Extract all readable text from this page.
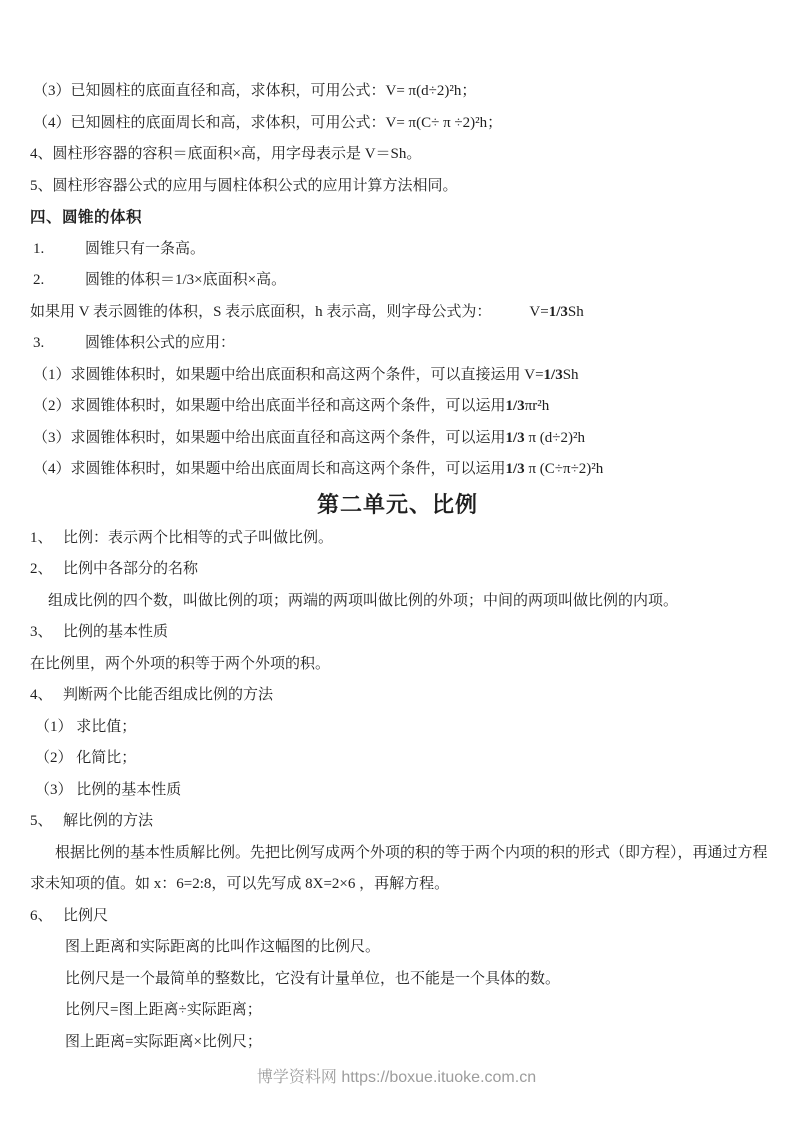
（3）已知圆柱的底面直径和高，求体积，可用公式：V= π(d÷2)²h；
（4）已知圆柱的底面周长和高，求体积，可用公式：V= π(C÷ π ÷2)²h；
4、圆柱形容器的容积＝底面积×高，用字母表示是 V＝Sh。
5、圆柱形容器公式的应用与圆柱体积公式的应用计算方法相同。
四、圆锥的体积
1.	圆锥只有一条高。
2.	圆锥的体积＝1/3×底面积×高。
如果用 V 表示圆锥的体积，S 表示底面积，h 表示高，则字母公式为：	V=1/3Sh
3.	圆锥体积公式的应用：
（1）求圆锥体积时，如果题中给出底面积和高这两个条件，可以直接运用 V=1/3Sh
（2）求圆锥体积时，如果题中给出底面半径和高这两个条件，可以运用1/3πr²h
（3）求圆锥体积时，如果题中给出底面直径和高这两个条件，可以运用1/3 π (d÷2)²h
（4）求圆锥体积时，如果题中给出底面周长和高这两个条件，可以运用1/3 π (C÷π÷2)²h
第二单元、比例
1、 比例：表示两个比相等的式子叫做比例。
2、 比例中各部分的名称
组成比例的四个数，叫做比例的项；两端的两项叫做比例的外项；中间的两项叫做比例的内项。
3、 比例的基本性质
在比例里，两个外项的积等于两个外项的积。
4、 判断两个比能否组成比例的方法
（1） 求比值；
（2） 化简比；
（3） 比例的基本性质
5、 解比例的方法
根据比例的基本性质解比例。先把比例写成两个外项的积的等于两个内项的积的形式（即方程），再通过方程
求未知项的值。如 x：6=2:8，可以先写成 8X=2×6 ，再解方程。
6、 比例尺
图上距离和实际距离的比叫作这幅图的比例尺。
比例尺是一个最简单的整数比，它没有计量单位，也不能是一个具体的数。
比例尺=图上距离÷实际距离；
图上距离=实际距离×比例尺；
博学资料网 https://boxue.ituoke.com.cn
